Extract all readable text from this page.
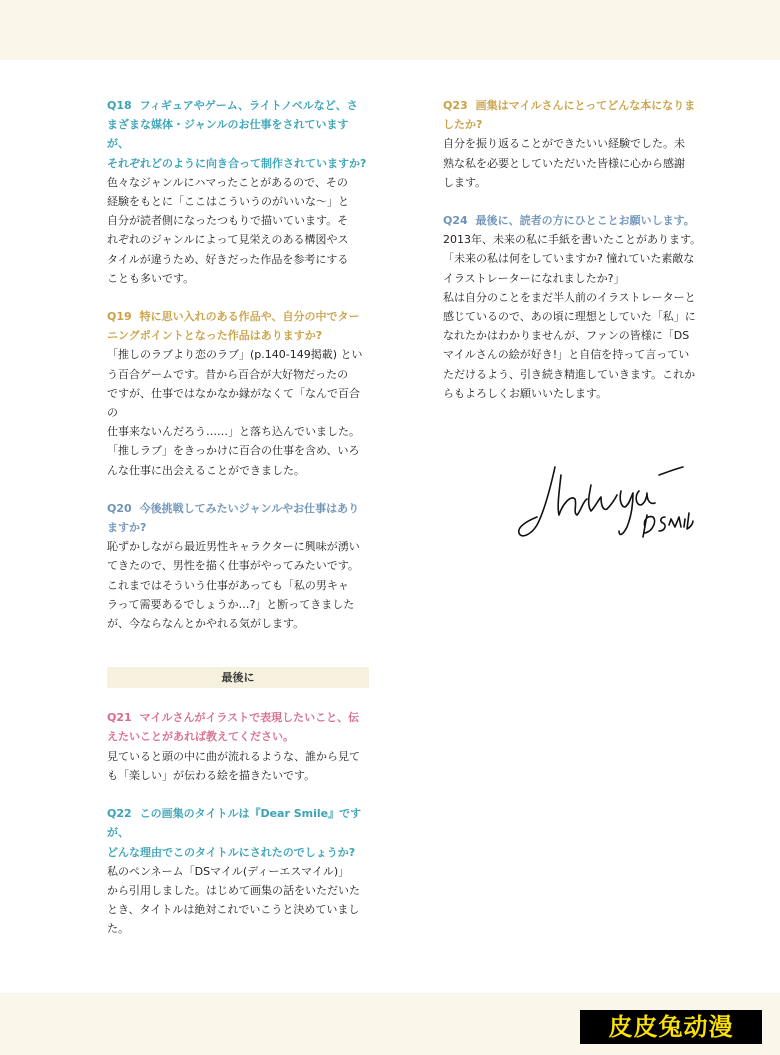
Q18 フィギュアやゲーム、ライトノベルなど、さ
まざまな媒体・ジャンルのお仕事をされていますが、
それぞれどのように向き合って制作されていますか?

色々なジャンルにハマったことがあるので、その
経験をもとに「ここはこういうのがいいな〜」と
自分が読者側になったつもりで描いています。そ
れぞれのジャンルによって見栄えのある構図やス
タイルが違うため、好きだった作品を参考にする
ことも多いです。

Q19 特に思い入れのある作品や、自分の中でター
ニングポイントとなった作品はありますか?

「推しのラブより恋のラブ」(p.140-149掲載) とい
う百合ゲームです。昔から百合が大好物だったの
ですが、仕事ではなかなか縁がなくて「なんで百合の
仕事来ないんだろう……」と落ち込んでいました。
「推しラブ」をきっかけに百合の仕事を含め、いろ
んな仕事に出会えることができました。

Q20 今後挑戦してみたいジャンルやお仕事はあり
ますか?

恥ずかしながら最近男性キャラクターに興味が湧い
てきたので、男性を描く仕事がやってみたいです。
これまではそういう仕事があっても「私の男キャ
ラって需要あるでしょうか…?」と断ってきました
が、今ならなんとかやれる気がします。

最後に

Q21 マイルさんがイラストで表現したいこと、伝
えたいことがあれば教えてください。

見ていると頭の中に曲が流れるような、誰から見て
も「楽しい」が伝わる絵を描きたいです。

Q22 この画集のタイトルは『Dear Smile』ですが、
どんな理由でこのタイトルにされたのでしょうか?

私のペンネーム「DSマイル(ディーエスマイル)」
から引用しました。はじめて画集の話をいただいた
とき、タイトルは絶対これでいこうと決めていました。

Q23 画集はマイルさんにとってどんな本になりま
したか?

自分を振り返ることができたいい経験でした。未
熟な私を必要としていただいた皆様に心から感謝
します。

Q24 最後に、読者の方にひとことお願いします。

2013年、未来の私に手紙を書いたことがあります。
「未来の私は何をしていますか? 憧れていた素敵な
イラストレーターになれましたか?」
私は自分のことをまだ半人前のイラストレーターと
感じているので、あの頃に理想としていた「私」に
なれたかはわかりませんが、ファンの皆様に「DS
マイルさんの絵が好き!」と自信を持って言ってい
ただけるよう、引き続き精進していきます。これか
らもよろしくお願いいたします。

皮皮兔动漫
